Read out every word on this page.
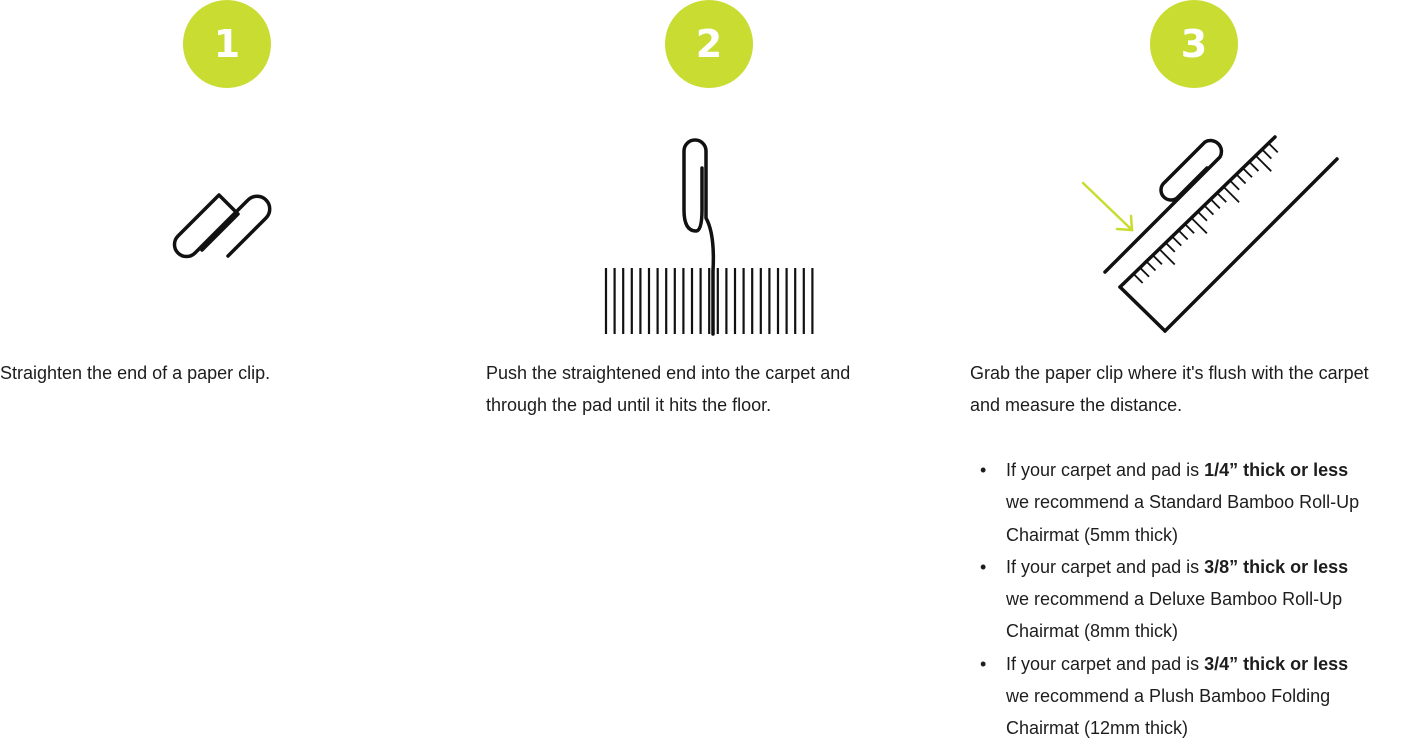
1	2	3
Straighten the end of a paper clip.	Push the straightened end into the carpet and
through the pad until it hits the floor.
Grab the paper clip where it's flush with the carpet
and measure the distance.
• If your carpet and pad is 1/4” thick or less
we recommend a Standard Bamboo Roll-Up
Chairmat (5mm thick)
• If your carpet and pad is 3/8” thick or less
we recommend a Deluxe Bamboo Roll-Up
Chairmat (8mm thick)
• If your carpet and pad is 3/4” thick or less
we recommend a Plush Bamboo Folding
Chairmat (12mm thick)
